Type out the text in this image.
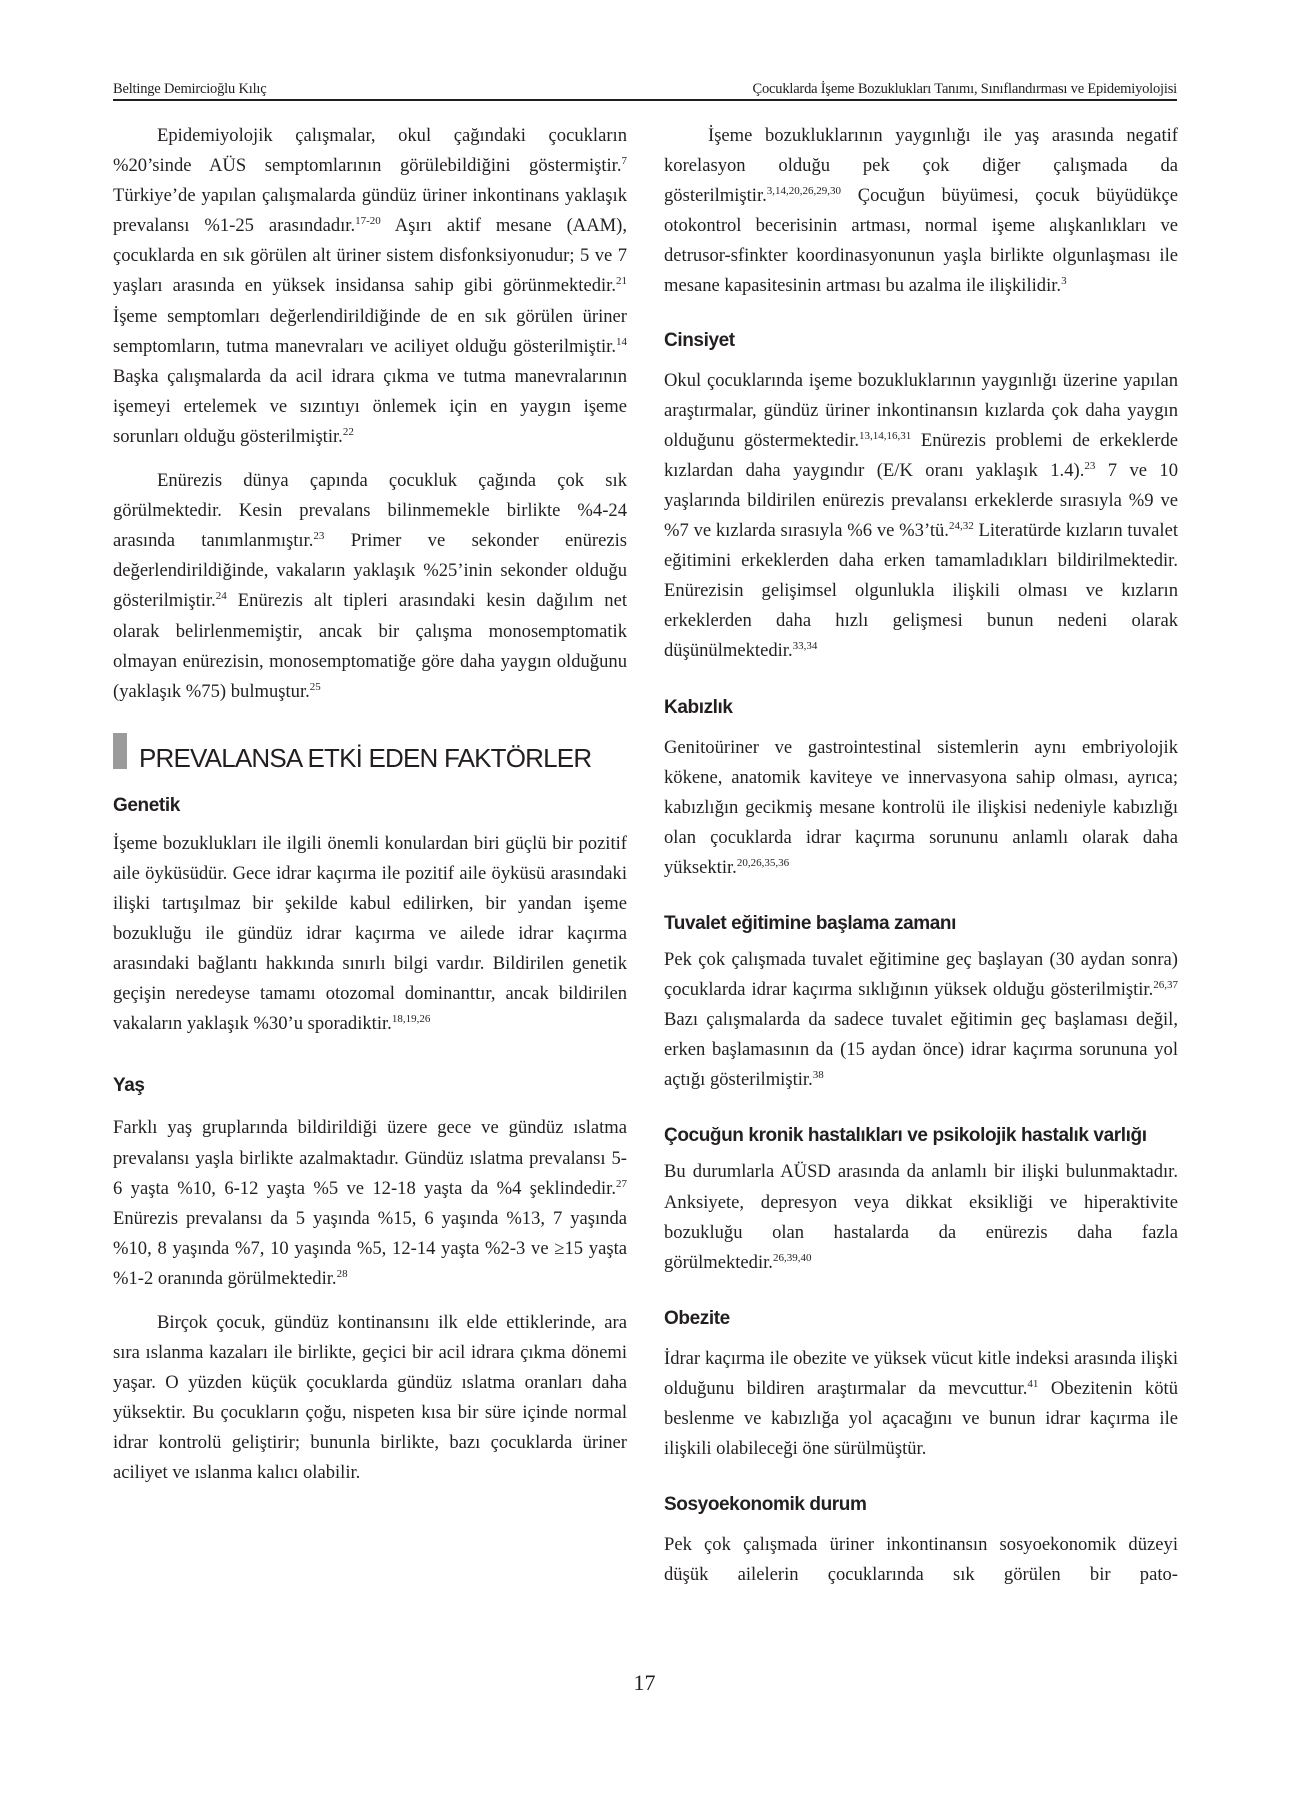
Beltinge Demircioğlu Kılıç	Çocuklarda İşeme Bozuklukları Tanımı, Sınıflandırması ve Epidemiyolojisi

Epidemiyolojik çalışmalar, okul çağındaki çocukların %20’sinde AÜS semptomlarının görülebildiğini göstermiştir.$^7$ Türkiye’de yapılan çalışmalarda gündüz üriner inkontinans yaklaşık prevalansı %1-25 arasındadır.$^{17-20}$ Aşırı aktif mesane (AAM), çocuklarda en sık görülen alt üriner sistem disfonksiyonudur; 5 ve 7 yaşları arasında en yüksek insidansa sahip gibi görünmektedir.$^{21}$ İşeme semptomları değerlendirildiğinde de en sık görülen üriner semptomların, tutma manevraları ve aciliyet olduğu gösterilmiştir.$^{14}$ Başka çalışmalarda da acil idrara çıkma ve tutma manevralarının işemeyi ertelemek ve sızıntıyı önlemek için en yaygın işeme sorunları olduğu gösterilmiştir.$^{22}$

Enürezis dünya çapında çocukluk çağında çok sık görülmektedir. Kesin prevalans bilinmemekle birlikte %4-24 arasında tanımlanmıştır.$^{23}$ Primer ve sekonder enürezis değerlendirildiğinde, vakaların yaklaşık %25’inin sekonder olduğu gösterilmiştir.$^{24}$ Enürezis alt tipleri arasındaki kesin dağılım net olarak belirlenmemiştir, ancak bir çalışma monosemptomatik olmayan enürezisin, monosemptomatiğe göre daha yaygın olduğunu (yaklaşık %75) bulmuştur.$^{25}$

PREVALANSA ETKİ EDEN FAKTÖRLER
Genetik

İşeme bozuklukları ile ilgili önemli konulardan biri güçlü bir pozitif aile öyküsüdür. Gece idrar kaçırma ile pozitif aile öyküsü arasındaki ilişki tartışılmaz bir şekilde kabul edilirken, bir yandan işeme bozukluğu ile gündüz idrar kaçırma ve ailede idrar kaçırma arasındaki bağlantı hakkında sınırlı bilgi vardır. Bildirilen genetik geçişin neredeyse tamamı otozomal dominanttır, ancak bildirilen vakaların yaklaşık %30’u sporadiktir.$^{18,19,26}$

Yaş

Farklı yaş gruplarında bildirildiği üzere gece ve gündüz ıslatma prevalansı yaşla birlikte azalmaktadır. Gündüz ıslatma prevalansı 5-6 yaşta %10, 6-12 yaşta %5 ve 12-18 yaşta da %4 şeklindedir.$^{27}$ Enürezis prevalansı da 5 yaşında %15, 6 yaşında %13, 7 yaşında %10, 8 yaşında %7, 10 yaşında %5, 12-14 yaşta %2-3 ve ≥15 yaşta %1-2 oranında görülmektedir.$^{28}$

Birçok çocuk, gündüz kontinansını ilk elde ettiklerinde, ara sıra ıslanma kazaları ile birlikte, geçici bir acil idrara çıkma dönemi yaşar. O yüzden küçük çocuklarda gündüz ıslatma oranları daha yüksektir. Bu çocukların çoğu, nispeten kısa bir süre içinde normal idrar kontrolü geliştirir; bununla birlikte, bazı çocuklarda üriner aciliyet ve ıslanma kalıcı olabilir.

İşeme bozukluklarının yaygınlığı ile yaş arasında negatif korelasyon olduğu pek çok diğer çalışmada da gösterilmiştir.$^{3,14,20,26,29,30}$ Çocuğun büyümesi, çocuk büyüdükçe otokontrol becerisinin artması, normal işeme alışkanlıkları ve detrusor-sfinkter koordinasyonunun yaşla birlikte olgunlaşması ile mesane kapasitesinin artması bu azalma ile ilişkilidir.$^3$

Cinsiyet

Okul çocuklarında işeme bozukluklarının yaygınlığı üzerine yapılan araştırmalar, gündüz üriner inkontinansın kızlarda çok daha yaygın olduğunu göstermektedir.$^{13,14,16,31}$ Enürezis problemi de erkeklerde kızlardan daha yaygındır (E/K oranı yaklaşık 1.4).$^{23}$ 7 ve 10 yaşlarında bildirilen enürezis prevalansı erkeklerde sırasıyla %9 ve %7 ve kızlarda sırasıyla %6 ve %3’tü.$^{24,32}$ Literatürde kızların tuvalet eğitimini erkeklerden daha erken tamamladıkları bildirilmektedir. Enürezisin gelişimsel olgunlukla ilişkili olması ve kızların erkeklerden daha hızlı gelişmesi bunun nedeni olarak düşünülmektedir.$^{33,34}$

Kabızlık

Genitoüriner ve gastrointestinal sistemlerin aynı embriyolojik kökene, anatomik kaviteye ve innervasyona sahip olması, ayrıca; kabızlığın gecikmiş mesane kontrolü ile ilişkisi nedeniyle kabızlığı olan çocuklarda idrar kaçırma sorununu anlamlı olarak daha yüksektir.$^{20,26,35,36}$

Tuvalet eğitimine başlama zamanı

Pek çok çalışmada tuvalet eğitimine geç başlayan (30 aydan sonra) çocuklarda idrar kaçırma sıklığının yüksek olduğu gösterilmiştir.$^{26,37}$ Bazı çalışmalarda da sadece tuvalet eğitimin geç başlaması değil, erken başlamasının da (15 aydan önce) idrar kaçırma sorununa yol açtığı gösterilmiştir.$^{38}$

Çocuğun kronik hastalıkları ve psikolojik hastalık varlığı

Bu durumlarla AÜSD arasında da anlamlı bir ilişki bulunmaktadır. Anksiyete, depresyon veya dikkat eksikliği ve hiperaktivite bozukluğu olan hastalarda da enürezis daha fazla görülmektedir.$^{26,39,40}$

Obezite

İdrar kaçırma ile obezite ve yüksek vücut kitle indeksi arasında ilişki olduğunu bildiren araştırmalar da mevcuttur.$^{41}$ Obezitenin kötü beslenme ve kabızlığa yol açacağını ve bunun idrar kaçırma ile ilişkili olabileceği öne sürülmüştür.

Sosyoekonomik durum

Pek çok çalışmada üriner inkontinansın sosyoekonomik düzeyi düşük ailelerin çocuklarında sık görülen bir pato-

17
